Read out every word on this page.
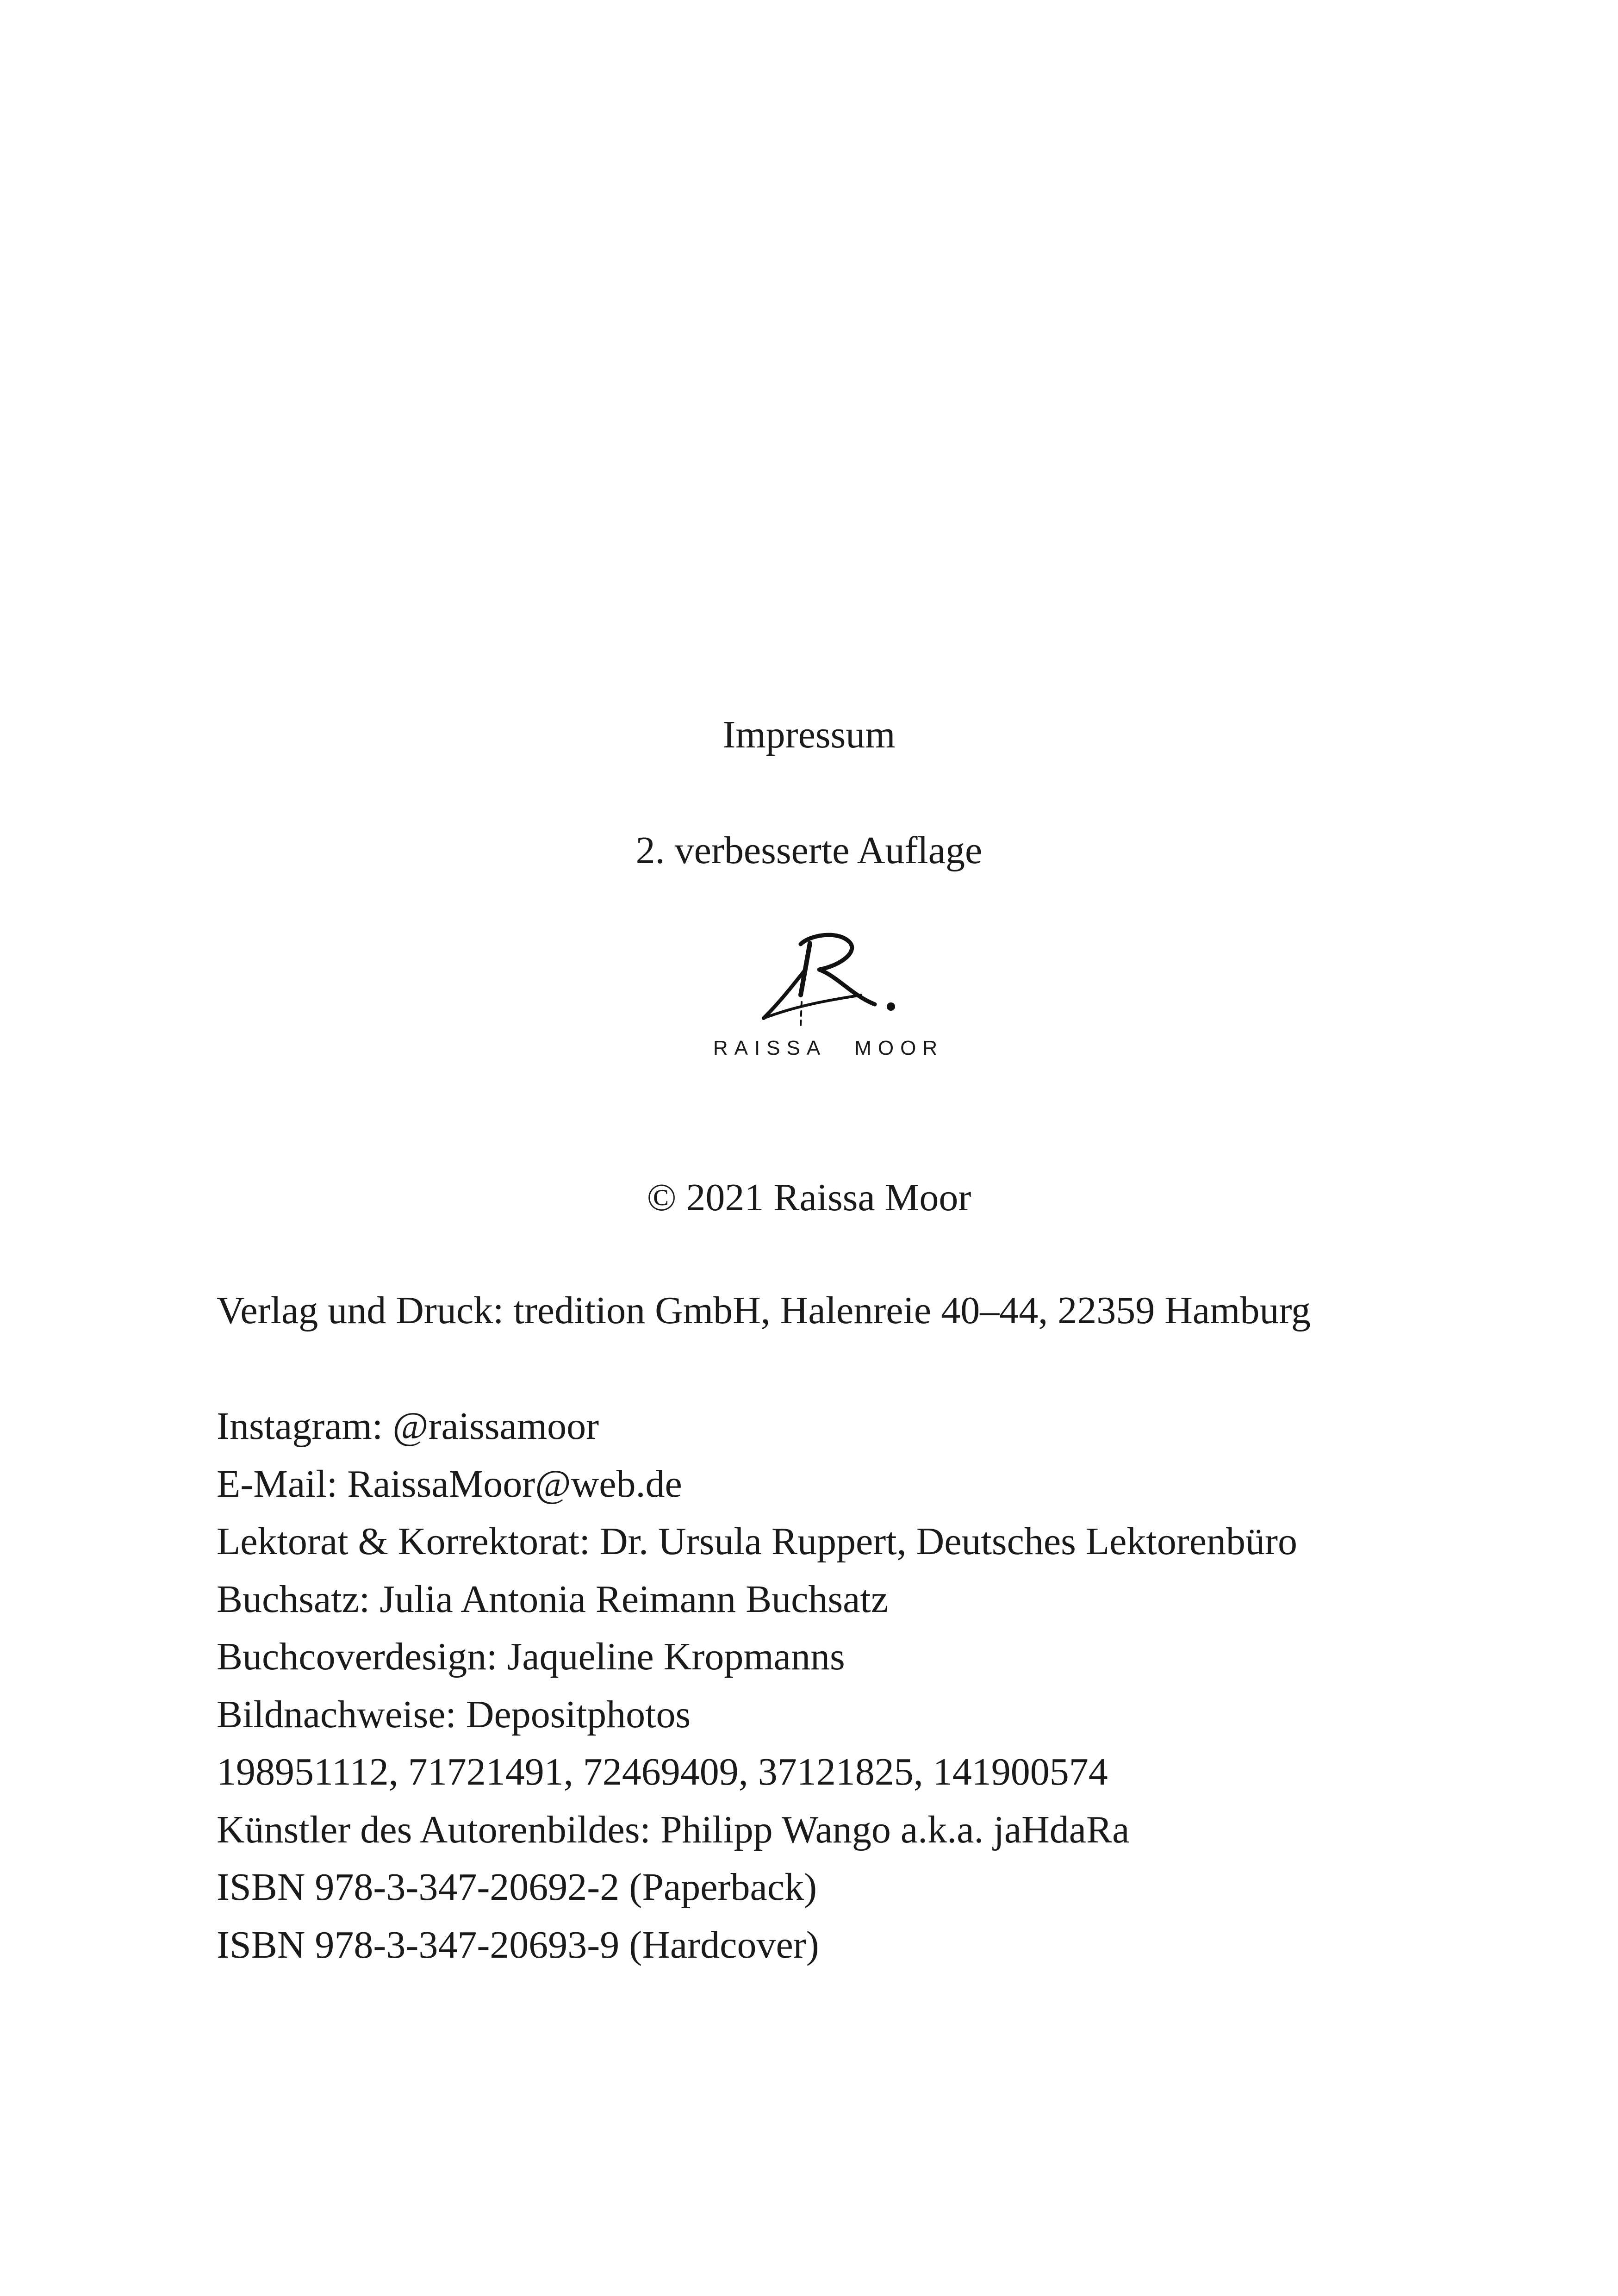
Impressum
2. verbesserte Auflage
RAISSA MOOR
© 2021 Raissa Moor
Verlag und Druck: tredition GmbH, Halenreie 40–44, 22359 Hamburg
Instagram: @raissamoor
E-Mail: RaissaMoor@web.de
Lektorat & Korrektorat: Dr. Ursula Ruppert, Deutsches Lektorenbüro
Buchsatz: Julia Antonia Reimann Buchsatz
Buchcoverdesign: Jaqueline Kropmanns
Bildnachweise: Depositphotos
198951112, 71721491, 72469409, 37121825, 141900574
Künstler des Autorenbildes: Philipp Wango a.k.a. jaHdaRa
ISBN 978-3-347-20692-2 (Paperback)
ISBN 978-3-347-20693-9 (Hardcover)
